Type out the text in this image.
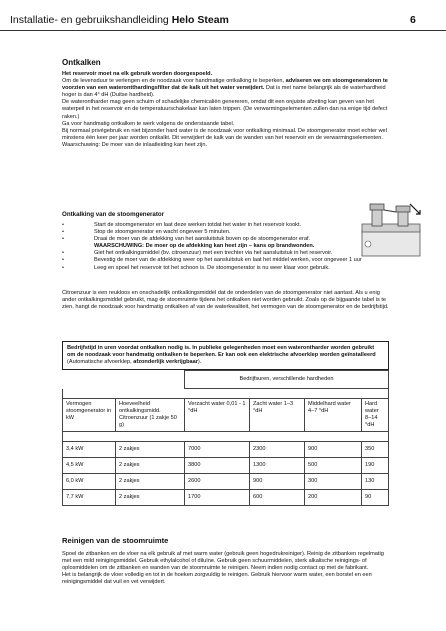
Installatie- en gebruikshandleiding Helo Steam	6
Ontkalken

Het reservoir moet na elk gebruik worden doorgespoeld.

Om de levensduur te verlengen en de noodzaak voor handmatige ontkalking te beperken, adviseren we om stoomgeneratoren te voorzien van een waterontthardingsfilter dat de kalk uit het water verwijdert. Dat is met name belangrijk als de waterhardheid hoger is dan 4° dH (Duitse hardheid).

De waterontharder mag geen schuim of schadelijke chemicaliën genereren, omdat dit een onjuiste afzeting kan geven van het waterpeil in het reservoir en de temperatuurschakelaar kan laten trippen. (De verwarmingselementen zullen dan na enige tijd defect raken.)

Ga voor handmatig ontkalken te werk volgens de onderstaande tabel.

Bij normaal privégebruik en niet bijzonder hard water is de noodzaak voor ontkalking minimaal. De stoomgenerator moet echter wel minstens één keer per jaar worden ontkalkt. Dit verwijdert de kalk van de wanden van het reservoir en de verwarmingselementen.

Waarschuwing: De moer van de inlaatleiding kan heet zijn.

Ontkalking van de stoomgenerator
• Start de stoomgenerator en laat deze werken totdat het water in het reservoir kookt.
• Stop de stoomgenerator en wacht ongeveer 5 minuten.
• Draai de moer van de afdekking van het aansluitstuk boven op de stoomgenerator eraf.
WAARSCHUWING: De moer op de afdekking kan heet zijn – kans op brandwonden.
• Giet het ontkalkingsmiddel (bv. citroenzuur) met een trechter via het aansluitstuk in het reservoir.
• Bevestig de moer van de afdekking weer op het aansluitstuk en laat het middel werken, voor ongeveer 1 uur
• Leeg en spoel het reservoir tot het schoon is. De stoomgenerator is nu weer klaar voor gebruik.
Citroenzuur is een reukloos en onschadelijk ontkalkingsmiddel dat de onderdelen van de stoomgenerator niet aantast. Als u enig ander ontkalkingsmiddel gebruikt, mag de stoomruimte tijdens het ontkalken niet worden gebruikt. Zoals op de bijgaande tabel is te zien, hangt de noodzaak voor handmatig ontkalken af van de waterkwaliteit, het vermogen van de stoomgenerator en de bedrijfstijd.
Bedrijfstijd in uren voordat ontkalken nodig is. In publieke gelegenheden moet een waterontharder worden gebruikt om de noodzaak voor handmatig ontkalken te beperken. Er kan ook een elektrische afvoerklep worden geïnstalleerd (Automatische afvoerklep, afzonderlijk verkrijgbaar).
		Bedrijfsuren, verschillende hardheden			

Vermogen stoomgenerator in kW	Hoeveelheid ontkalkingsmidd. Citroenzuur (1 zakje 50 g)	Verzacht water 0,01 - 1 °dH	Zacht water 1–3 °dH	Middelhard water 4–7 °dH	Hard water 8–14 °dH

3,4 kW	2 zakjes	7000	2300	900	350
4,5 kW	2 zakjes	3800	1300	500	190
6,0 kW	2 zakjes	2600	900	300	130
7,7 kW	2 zakjes	1700	600	200	90
Reinigen van de stoomruimte

Spoel de zitbanken en de vloer na elk gebruik af met warm water (gebruik geen hogedrukreiniger). Reinig de zitbanken regelmatig met een mild reinigingsmiddel. Gebruik ethylalcohol of diluïne. Gebruik geen schuurmiddelen, sterk alkalische reinigings- of oplosmiddelen om de zitbanken en wanden van de stoomruimte te reinigen. Neem indien nodig contact op met de fabrikant.

Het is belangrijk de vloer volledig en tot in de hoeken zorgvuldig te reinigen. Gebruik hiervoor warm water, een borstel en een reinigingsmiddel dat vuil en vet verwijdert.
